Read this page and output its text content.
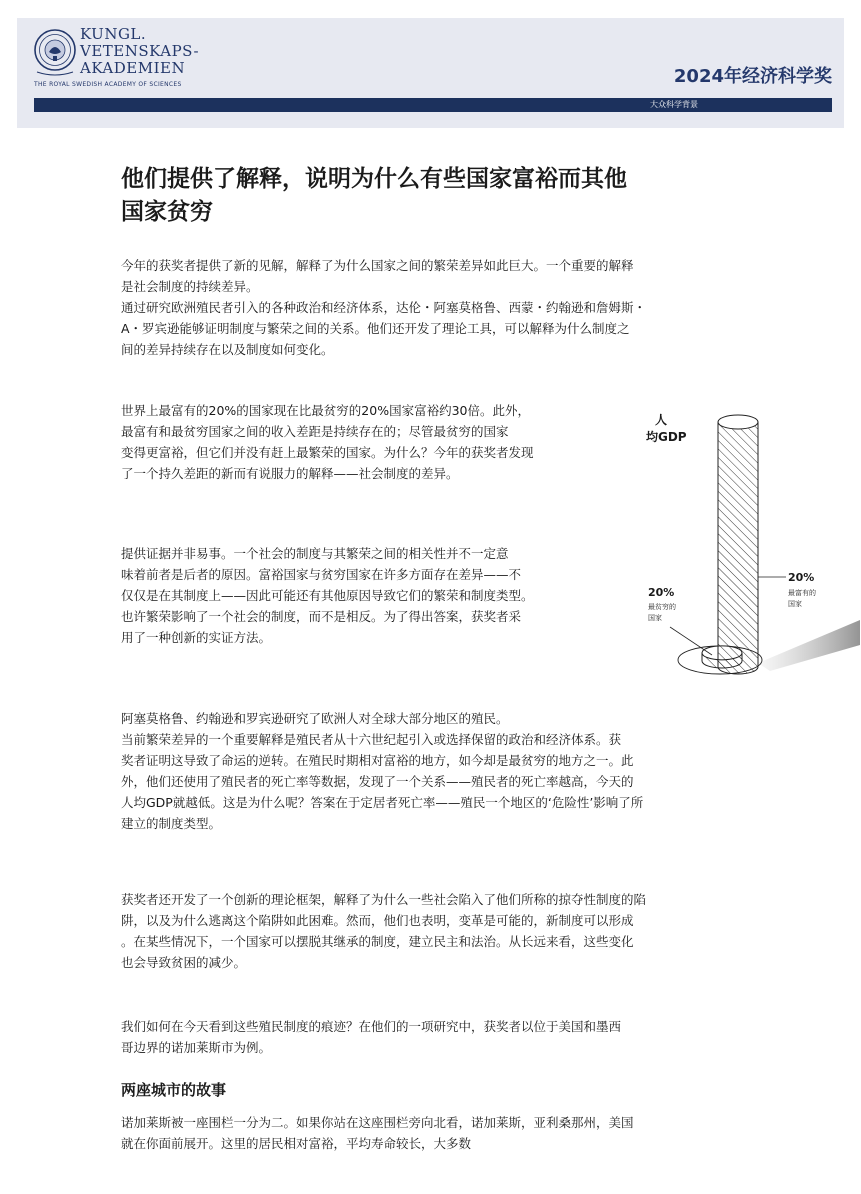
KUNGL.
VETENSKAPS-
AKADEMIEN
THE ROYAL SWEDISH ACADEMY OF SCIENCES	2024年经济科学奖
大众科学背景
他们提供了解释，说明为什么有些国家富裕而其他
国家贫穷
今年的获奖者提供了新的见解，解释了为什么国家之间的繁荣差异如此巨大。一个重要的解释
是社会制度的持续差异。
通过研究欧洲殖民者引入的各种政治和经济体系，达伦・阿塞莫格鲁、西蒙・约翰逊和詹姆斯・
A・罗宾逊能够证明制度与繁荣之间的关系。他们还开发了理论工具，可以解释为什么制度之
间的差异持续存在以及制度如何变化。
世界上最富有的20%的国家现在比最贫穷的20%国家富裕约30倍。此外，
最富有和最贫穷国家之间的收入差距是持续存在的；尽管最贫穷的国家
变得更富裕，但它们并没有赶上最繁荣的国家。为什么？今年的获奖者发现
了一个持久差距的新而有说服力的解释——社会制度的差异。
提供证据并非易事。一个社会的制度与其繁荣之间的相关性并不一定意
味着前者是后者的原因。富裕国家与贫穷国家在许多方面存在差异——不
仅仅是在其制度上——因此可能还有其他原因导致它们的繁荣和制度类型。
也许繁荣影响了一个社会的制度，而不是相反。为了得出答案，获奖者采
用了一种创新的实证方法。
阿塞莫格鲁、约翰逊和罗宾逊研究了欧洲人对全球大部分地区的殖民。
当前繁荣差异的一个重要解释是殖民者从十六世纪起引入或选择保留的政治和经济体系。获
奖者证明这导致了命运的逆转。在殖民时期相对富裕的地方，如今却是最贫穷的地方之一。此
外，他们还使用了殖民者的死亡率等数据，发现了一个关系——殖民者的死亡率越高，今天的
人均GDP就越低。这是为什么呢？答案在于定居者死亡率——殖民一个地区的‘危险性’影响了所
建立的制度类型。
获奖者还开发了一个创新的理论框架，解释了为什么一些社会陷入了他们所称的掠夺性制度的陷
阱，以及为什么逃离这个陷阱如此困难。然而，他们也表明，变革是可能的，新制度可以形成
。在某些情况下，一个国家可以摆脱其继承的制度，建立民主和法治。从长远来看，这些变化
也会导致贫困的减少。
我们如何在今天看到这些殖民制度的痕迹？在他们的一项研究中，获奖者以位于美国和墨西
哥边界的诺加莱斯市为例。
两座城市的故事
诺加莱斯被一座围栏一分为二。如果你站在这座围栏旁向北看，诺加莱斯，亚利桑那州，美国
就在你面前展开。这里的居民相对富裕，平均寿命较长，大多数
人
均GDP
20%
最贫穷的
国家
20%
最富有的
国家
